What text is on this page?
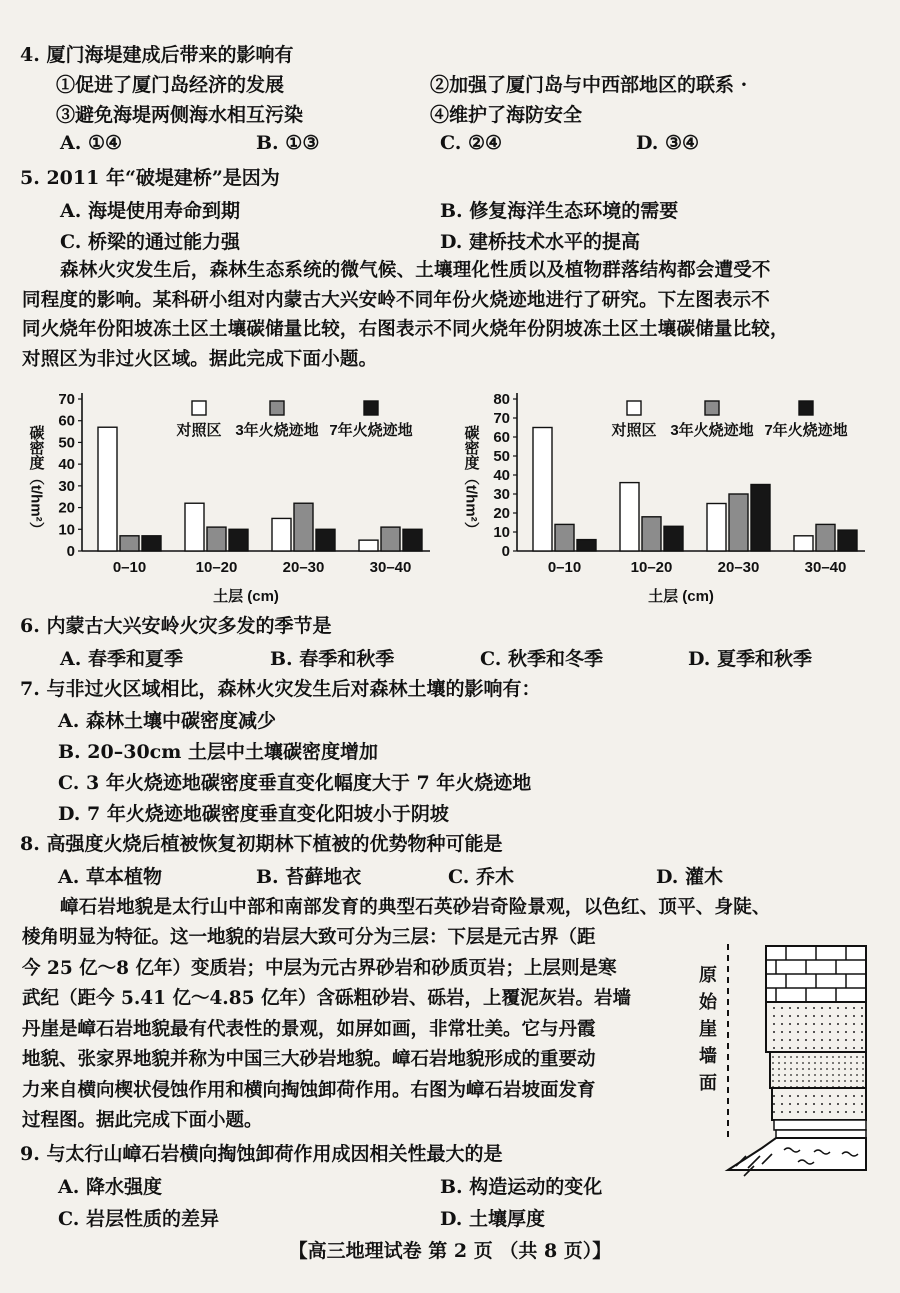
4. 厦门海堤建成后带来的影响有
①促进了厦门岛经济的发展	②加强了厦门岛与中西部地区的联系 ·
③避免海堤两侧海水相互污染	④维护了海防安全
A. ①④	B. ①③	C. ②④	D. ③④
5. 2011 年“破堤建桥”是因为
A. 海堤使用寿命到期	B. 修复海洋生态环境的需要
C. 桥梁的通过能力强	D. 建桥技术水平的提高
森林火灾发生后，森林生态系统的微气候、土壤理化性质以及植物群落结构都会遭受不
同程度的影响。某科研小组对内蒙古大兴安岭不同年份火烧迹地进行了研究。下左图表示不
同火烧年份阳坡冻土区土壤碳储量比较，右图表示不同火烧年份阴坡冻土区土壤碳储量比较，
对照区为非过火区域。据此完成下面小题。
0
10
20
30
40
50
60
70
碳密度（t/hm²）
0–10	10–20	20–30	30–40
土层 (cm)
对照区 3年火烧迹地 7年火烧迹地
0
10
20
30
40
50
60
70
80
碳密度（t/hm²）
0–10	10–20	20–30	30–40
土层 (cm)
对照区 3年火烧迹地 7年火烧迹地
6. 内蒙古大兴安岭火灾多发的季节是
A. 春季和夏季	B. 春季和秋季	C. 秋季和冬季	D. 夏季和秋季
7. 与非过火区域相比，森林火灾发生后对森林土壤的影响有：
A. 森林土壤中碳密度减少
B. 20–30cm 土层中土壤碳密度增加
C. 3 年火烧迹地碳密度垂直变化幅度大于 7 年火烧迹地
D. 7 年火烧迹地碳密度垂直变化阳坡小于阴坡
8. 高强度火烧后植被恢复初期林下植被的优势物种可能是
A. 草本植物	B. 苔藓地衣	C. 乔木	D. 灌木
嶂石岩地貌是太行山中部和南部发育的典型石英砂岩奇险景观，以色红、顶平、身陡、
棱角明显为特征。这一地貌的岩层大致可分为三层：下层是元古界（距
今 25 亿～8 亿年）变质岩；中层为元古界砂岩和砂质页岩；上层则是寒
武纪（距今 5.41 亿～4.85 亿年）含砾粗砂岩、砾岩，上覆泥灰岩。岩墙
丹崖是嶂石岩地貌最有代表性的景观，如屏如画，非常壮美。它与丹霞
地貌、张家界地貌并称为中国三大砂岩地貌。嶂石岩地貌形成的重要动
力来自横向楔状侵蚀作用和横向掏蚀卸荷作用。右图为嶂石岩坡面发育
过程图。据此完成下面小题。
原
始
崖
墙
面
9. 与太行山嶂石岩横向掏蚀卸荷作用成因相关性最大的是
A. 降水强度	B. 构造运动的变化
C. 岩层性质的差异	D. 土壤厚度
【高三地理试卷 第 2 页 （共 8 页）】
